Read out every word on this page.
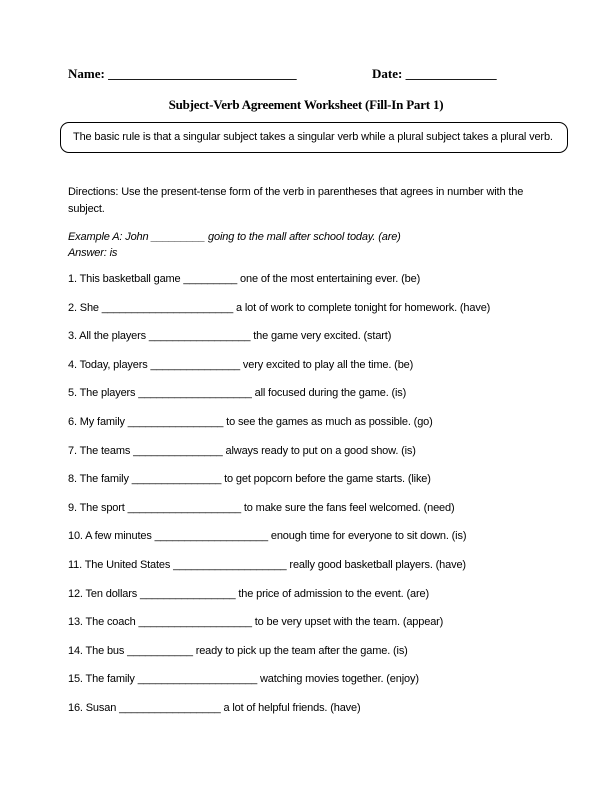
Name: _____________________________	Date: ______________
Subject-Verb Agreement Worksheet (Fill-In Part 1)
The basic rule is that a singular subject takes a singular verb while a plural subject takes a plural verb.
Directions: Use the present-tense form of the verb in parentheses that agrees in number with the subject.
Example A: John _________ going to the mall after school today. (are)
Answer: is
1. This basketball game _________ one of the most entertaining ever. (be)
2. She ______________________ a lot of work to complete tonight for homework. (have)
3. All the players _________________ the game very excited. (start)
4. Today, players _______________ very excited to play all the time. (be)
5. The players ___________________ all focused during the game. (is)
6. My family ________________ to see the games as much as possible. (go)
7. The teams _______________ always ready to put on a good show. (is)
8. The family _______________ to get popcorn before the game starts. (like)
9. The sport ___________________ to make sure the fans feel welcomed. (need)
10. A few minutes ___________________ enough time for everyone to sit down. (is)
11. The United States ___________________ really good basketball players. (have)
12. Ten dollars ________________ the price of admission to the event. (are)
13. The coach ___________________ to be very upset with the team. (appear)
14. The bus ___________ ready to pick up the team after the game. (is)
15. The family ____________________ watching movies together. (enjoy)
16. Susan _________________ a lot of helpful friends. (have)
